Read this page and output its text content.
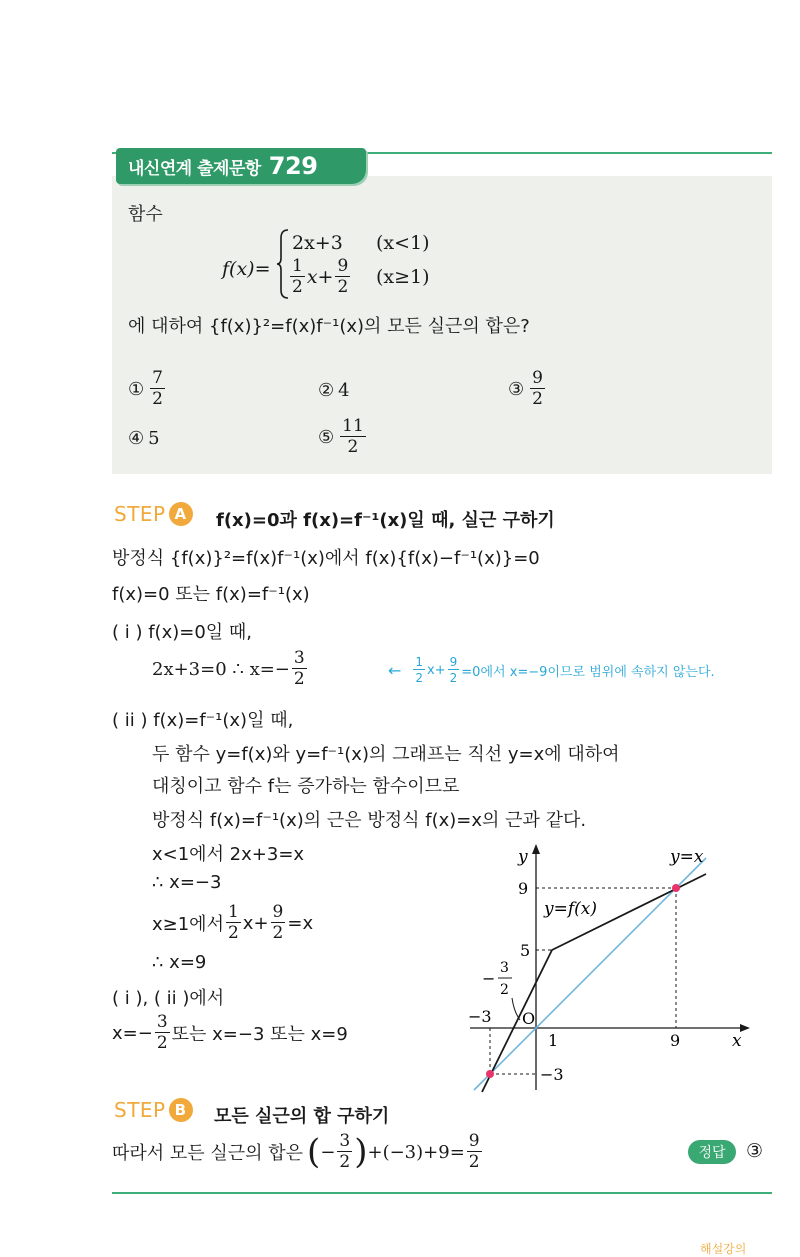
내신연계 출제문항 729
함수
f(x)=
2x+3 (x<1)
$\frac{1}{2} x+ \frac{9}{2} (x\ge 1)$
에 대하여 {f(x)}²=f(x)f⁻¹(x)의 모든 실근의 합은?
① $\frac{7}{2}$	② 4	③ $\frac{9}{2}$
④ 5	⑤ $\frac{11}{2}$
STEP A	f(x)=0과 f(x)=f⁻¹(x)일 때, 실근 구하기
방정식 {f(x)}²=f(x)f⁻¹(x)에서 f(x){f(x)−f⁻¹(x)}=0
f(x)=0 또는 f(x)=f⁻¹(x)
( i ) f(x)=0일 때,
2x+3=0 ∴ $x=- \frac{3}{2}$	← $\frac{1}{2} x+ \frac{9}{2} =0$에서 x=−9이므로 범위에 속하지 않는다.
( ii ) f(x)=f⁻¹(x)일 때,
두 함수 y=f(x)와 y=f⁻¹(x)의 그래프는 직선 y=x에 대하여
대칭이고 함수 f는 증가하는 함수이므로
방정식 f(x)=f⁻¹(x)의 근은 방정식 f(x)=x의 근과 같다.
x<1에서 2x+3=x
∴ x=−3
x≥1에서 $\frac{1}{2} x+ \frac{9}{2} =x$
∴ x=9
( i ), ( ii )에서
$x=- \frac{3}{2}$ 또는 x=−3 또는 x=9
y
x
y=x
y=f(x)
O
9
5
−3
−3
1	9
−
3
2
STEP B	모든 실근의 합 구하기
따라서 모든 실근의 합은 ( − $\frac{3}{2}$ ) $+(-3)+9= \frac{9}{2}$	정답	③
해설강의
